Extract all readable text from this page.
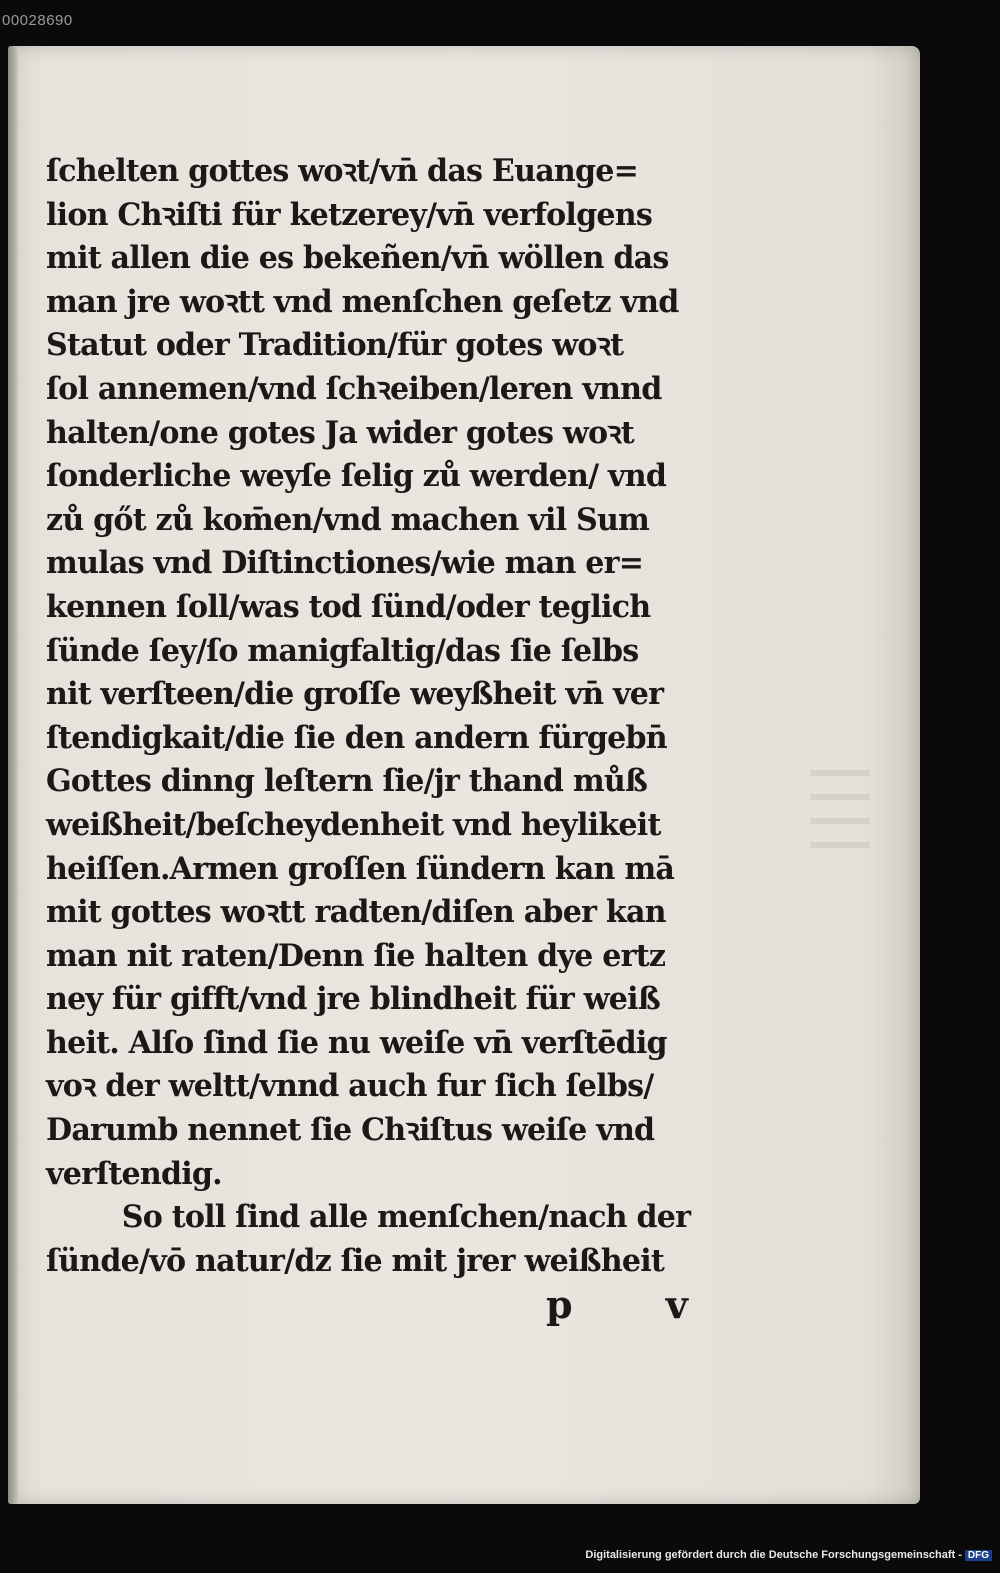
00028690
ſchelten gottes woꝛt/vn̄ das Euange=
lion Chꝛiſti für ketzerey/vn̄ verfolgens
mit allen die es bekeñen/vn̄ wöllen das
man jre woꝛtt vnd menſchen geſetz vnd
Statut oder Tradition/für gotes woꝛt
ſol annemen/vnd ſchꝛeiben/leren vnnd
halten/one gotes Ja wider gotes woꝛt
ſonderliche weyſe ſelig zů werden/ vnd
zů gőt zů kom̄en/vnd machen vil Sum
mulas vnd Diſtinctiones/wie man er=
kennen ſoll/was tod ſünd/oder teglich
ſünde ſey/ſo manigfaltig/das ſie ſelbs
nit verſteen/die groſſe weyßheit vn̄ ver
ſtendigkait/die ſie den andern fürgebn̄
Gottes dinng leſtern ſie/jr thand můß
weißheit/beſcheydenheit vnd heylikeit
heiſſen.Armen groſſen ſündern kan mā
mit gottes woꝛtt radten/diſen aber kan
man nit raten/Denn ſie halten dye ertz
ney für gifft/vnd jre blindheit für weiß
heit. Alſo ſind ſie nu weiſe vn̄ verſtēdig
voꝛ der weltt/vnnd auch fur ſich ſelbs/
Darumb nennet ſie Chꝛiſtus weiſe vnd
verſtendig.
So toll ſind alle menſchen/nach der
ſünde/vō natur/dz ſie mit jrer weißheit
p v
Digitalisierung gefördert durch die Deutsche Forschungsgemeinschaft - DFG
